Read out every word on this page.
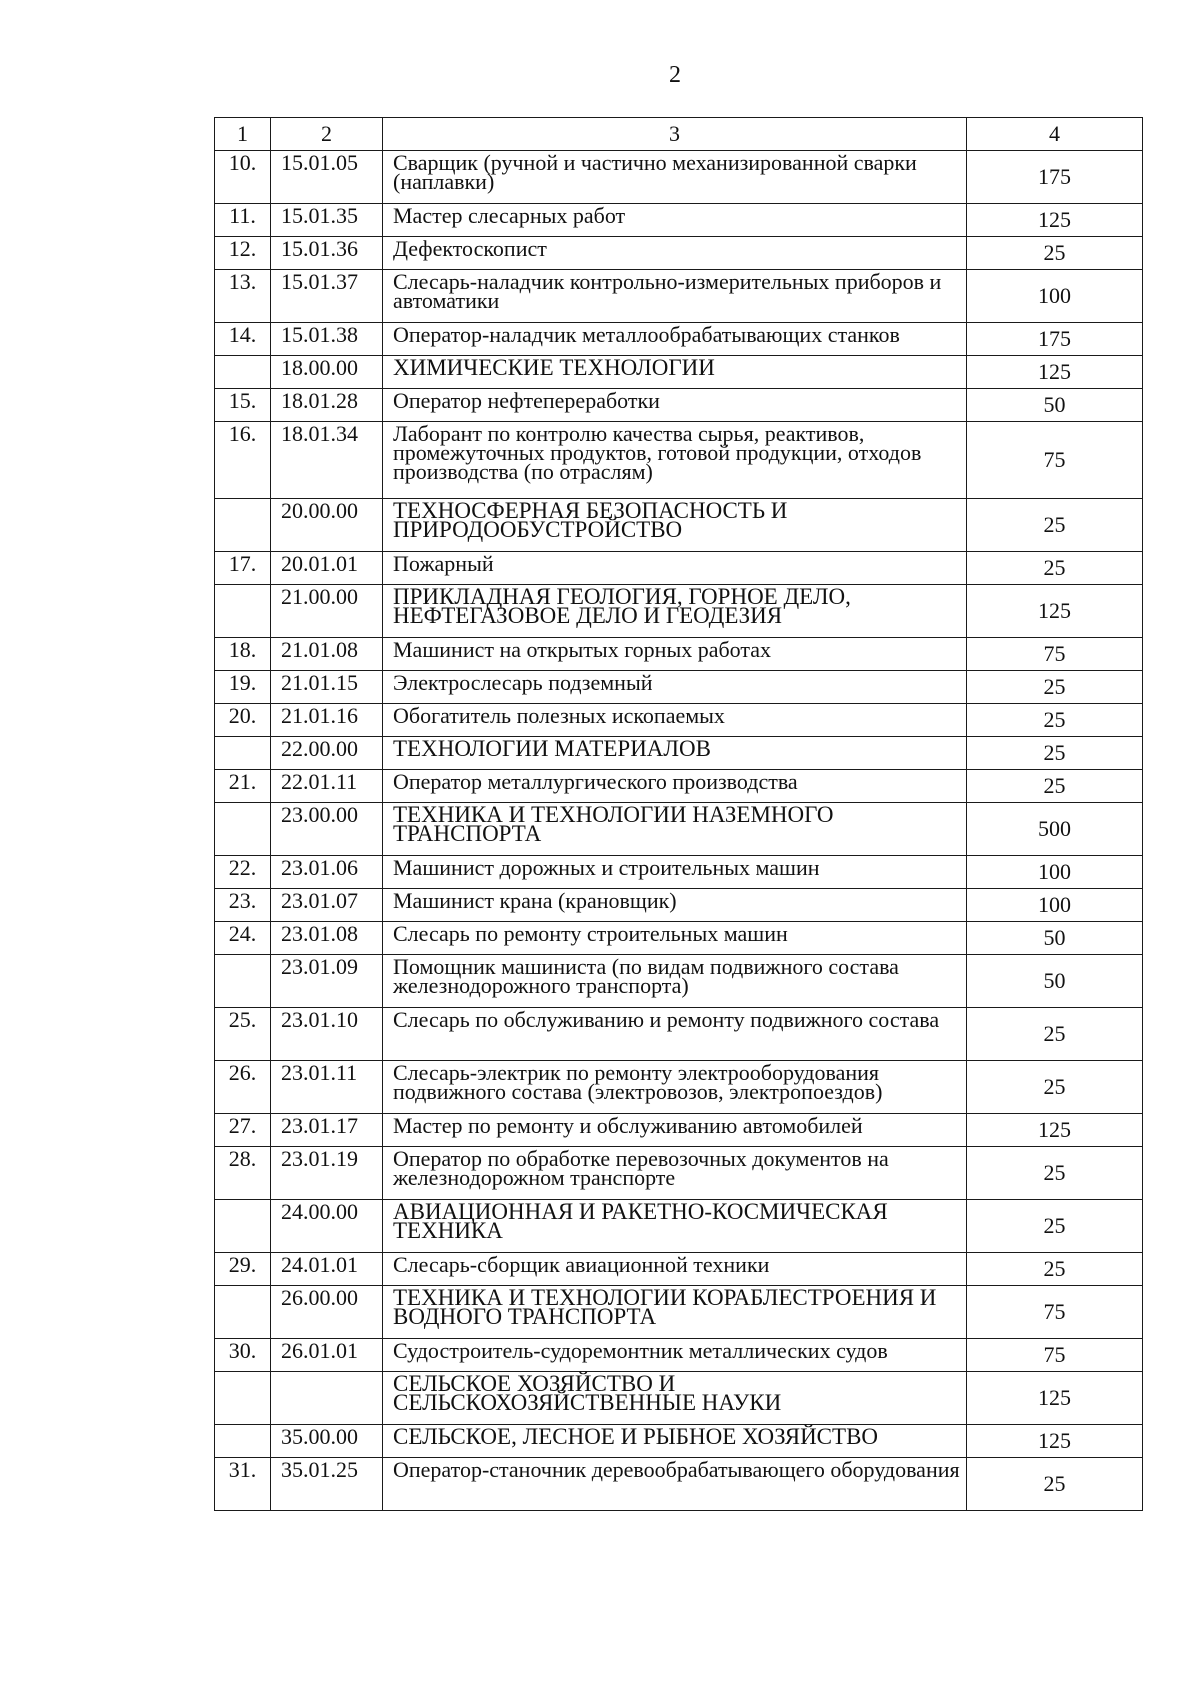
2
1	2	3	4
10.	15.01.05	Сварщик (ручной и частично механизированной сварки (наплавки)	175
11.	15.01.35	Мастер слесарных работ	125
12.	15.01.36	Дефектоскопист	25
13.	15.01.37	Слесарь-наладчик контрольно-измерительных приборов и автоматики	100
14.	15.01.38	Оператор-наладчик металлообрабатывающих станков	175
	18.00.00	ХИМИЧЕСКИЕ ТЕХНОЛОГИИ	125
15.	18.01.28	Оператор нефтепереработки	50
16.	18.01.34	Лаборант по контролю качества сырья, реактивов, промежуточных продуктов, готовой продукции, отходов производства (по отраслям)	75
	20.00.00	ТЕХНОСФЕРНАЯ БЕЗОПАСНОСТЬ И ПРИРОДООБУСТРОЙСТВО	25
17.	20.01.01	Пожарный	25
	21.00.00	ПРИКЛАДНАЯ ГЕОЛОГИЯ, ГОРНОЕ ДЕЛО, НЕФТЕГАЗОВОЕ ДЕЛО И ГЕОДЕЗИЯ	125
18.	21.01.08	Машинист на открытых горных работах	75
19.	21.01.15	Электрослесарь подземный	25
20.	21.01.16	Обогатитель полезных ископаемых	25
	22.00.00	ТЕХНОЛОГИИ МАТЕРИАЛОВ	25
21.	22.01.11	Оператор металлургического производства	25
	23.00.00	ТЕХНИКА И ТЕХНОЛОГИИ НАЗЕМНОГО ТРАНСПОРТА	500
22.	23.01.06	Машинист дорожных и строительных машин	100
23.	23.01.07	Машинист крана (крановщик)	100
24.	23.01.08	Слесарь по ремонту строительных машин	50
	23.01.09	Помощник машиниста (по видам подвижного состава железнодорожного транспорта)	50
25.	23.01.10	Слесарь по обслуживанию и ремонту подвижного состава	25
26.	23.01.11	Слесарь-электрик по ремонту электрооборудования подвижного состава (электровозов, электропоездов)	25
27.	23.01.17	Мастер по ремонту и обслуживанию автомобилей	125
28.	23.01.19	Оператор по обработке перевозочных документов на железнодорожном транспорте	25
	24.00.00	АВИАЦИОННАЯ И РАКЕТНО-КОСМИЧЕСКАЯ ТЕХНИКА	25
29.	24.01.01	Слесарь-сборщик авиационной техники	25
	26.00.00	ТЕХНИКА И ТЕХНОЛОГИИ КОРАБЛЕСТРОЕНИЯ И ВОДНОГО ТРАНСПОРТА	75
30.	26.01.01	Судостроитель-судоремонтник металлических судов	75
		СЕЛЬСКОЕ ХОЗЯЙСТВО И СЕЛЬСКОХОЗЯЙСТВЕННЫЕ НАУКИ	125
	35.00.00	СЕЛЬСКОЕ, ЛЕСНОЕ И РЫБНОЕ ХОЗЯЙСТВО	125
31.	35.01.25	Оператор-станочник деревообрабатывающего оборудования	25
